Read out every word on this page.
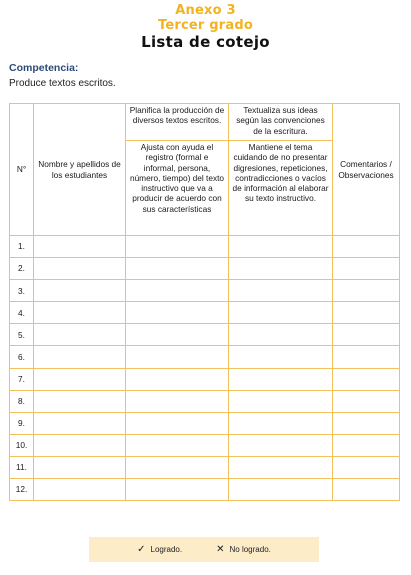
Anexo 3
Tercer grado
Lista de cotejo
Competencia:
Produce textos escritos.
N°	Nombre y apellidos de los estudiantes	Planifica la producción de diversos textos escritos.	Textualiza sus ideas según las convenciones de la escritura.	Comentarios / Observaciones
		Ajusta con ayuda el registro (formal e informal, persona, número, tiempo) del texto instructivo que va a producir de acuerdo con sus características	Mantiene el tema cuidando de no presentar digresiones, repeticiones, contradicciones o vacíos de información al elaborar su texto instructivo.	
1.				
2.				
3.				
4.				
5.				
6.				
7.				
8.				
9.				
10.				
11.				
12.				
✓ Logrado.	✕ No logrado.
